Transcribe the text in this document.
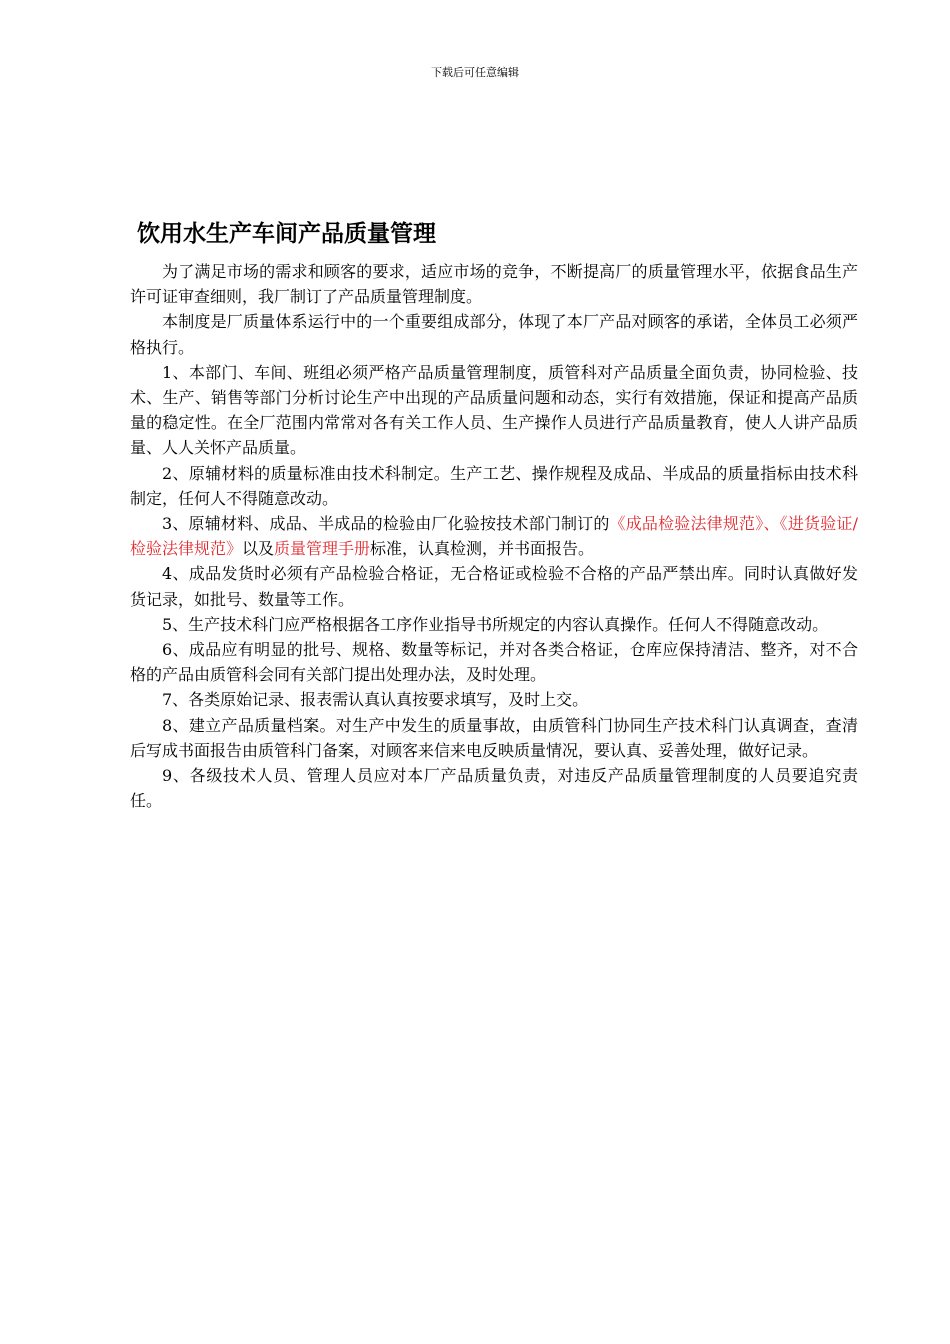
下载后可任意编辑
饮用水生产车间产品质量管理

为了满足市场的需求和顾客的要求，适应市场的竞争，不断提高厂的质量管理水平，依据食品生产许可证审查细则，我厂制订了产品质量管理制度。

本制度是厂质量体系运行中的一个重要组成部分，体现了本厂产品对顾客的承诺，全体员工必须严格执行。

1、本部门、车间、班组必须严格产品质量管理制度，质管科对产品质量全面负责，协同检验、技术、生产、销售等部门分析讨论生产中出现的产品质量问题和动态，实行有效措施，保证和提高产品质量的稳定性。在全厂范围内常常对各有关工作人员、生产操作人员进行产品质量教育，使人人讲产品质量、人人关怀产品质量。

2、原辅材料的质量标准由技术科制定。生产工艺、操作规程及成品、半成品的质量指标由技术科制定，任何人不得随意改动。

3、原辅材料、成品、半成品的检验由厂化验按技术部门制订的《成品检验法律规范》、《进货验证/检验法律规范》以及质量管理手册标准，认真检测，并书面报告。

4、成品发货时必须有产品检验合格证，无合格证或检验不合格的产品严禁出库。同时认真做好发货记录，如批号、数量等工作。

5、生产技术科门应严格根据各工序作业指导书所规定的内容认真操作。任何人不得随意改动。

6、成品应有明显的批号、规格、数量等标记，并对各类合格证，仓库应保持清洁、整齐，对不合格的产品由质管科会同有关部门提出处理办法，及时处理。

7、各类原始记录、报表需认真认真按要求填写，及时上交。

8、建立产品质量档案。对生产中发生的质量事故，由质管科门协同生产技术科门认真调查，查清后写成书面报告由质管科门备案，对顾客来信来电反映质量情况，要认真、妥善处理，做好记录。

9、各级技术人员、管理人员应对本厂产品质量负责，对违反产品质量管理制度的人员要追究责任。
